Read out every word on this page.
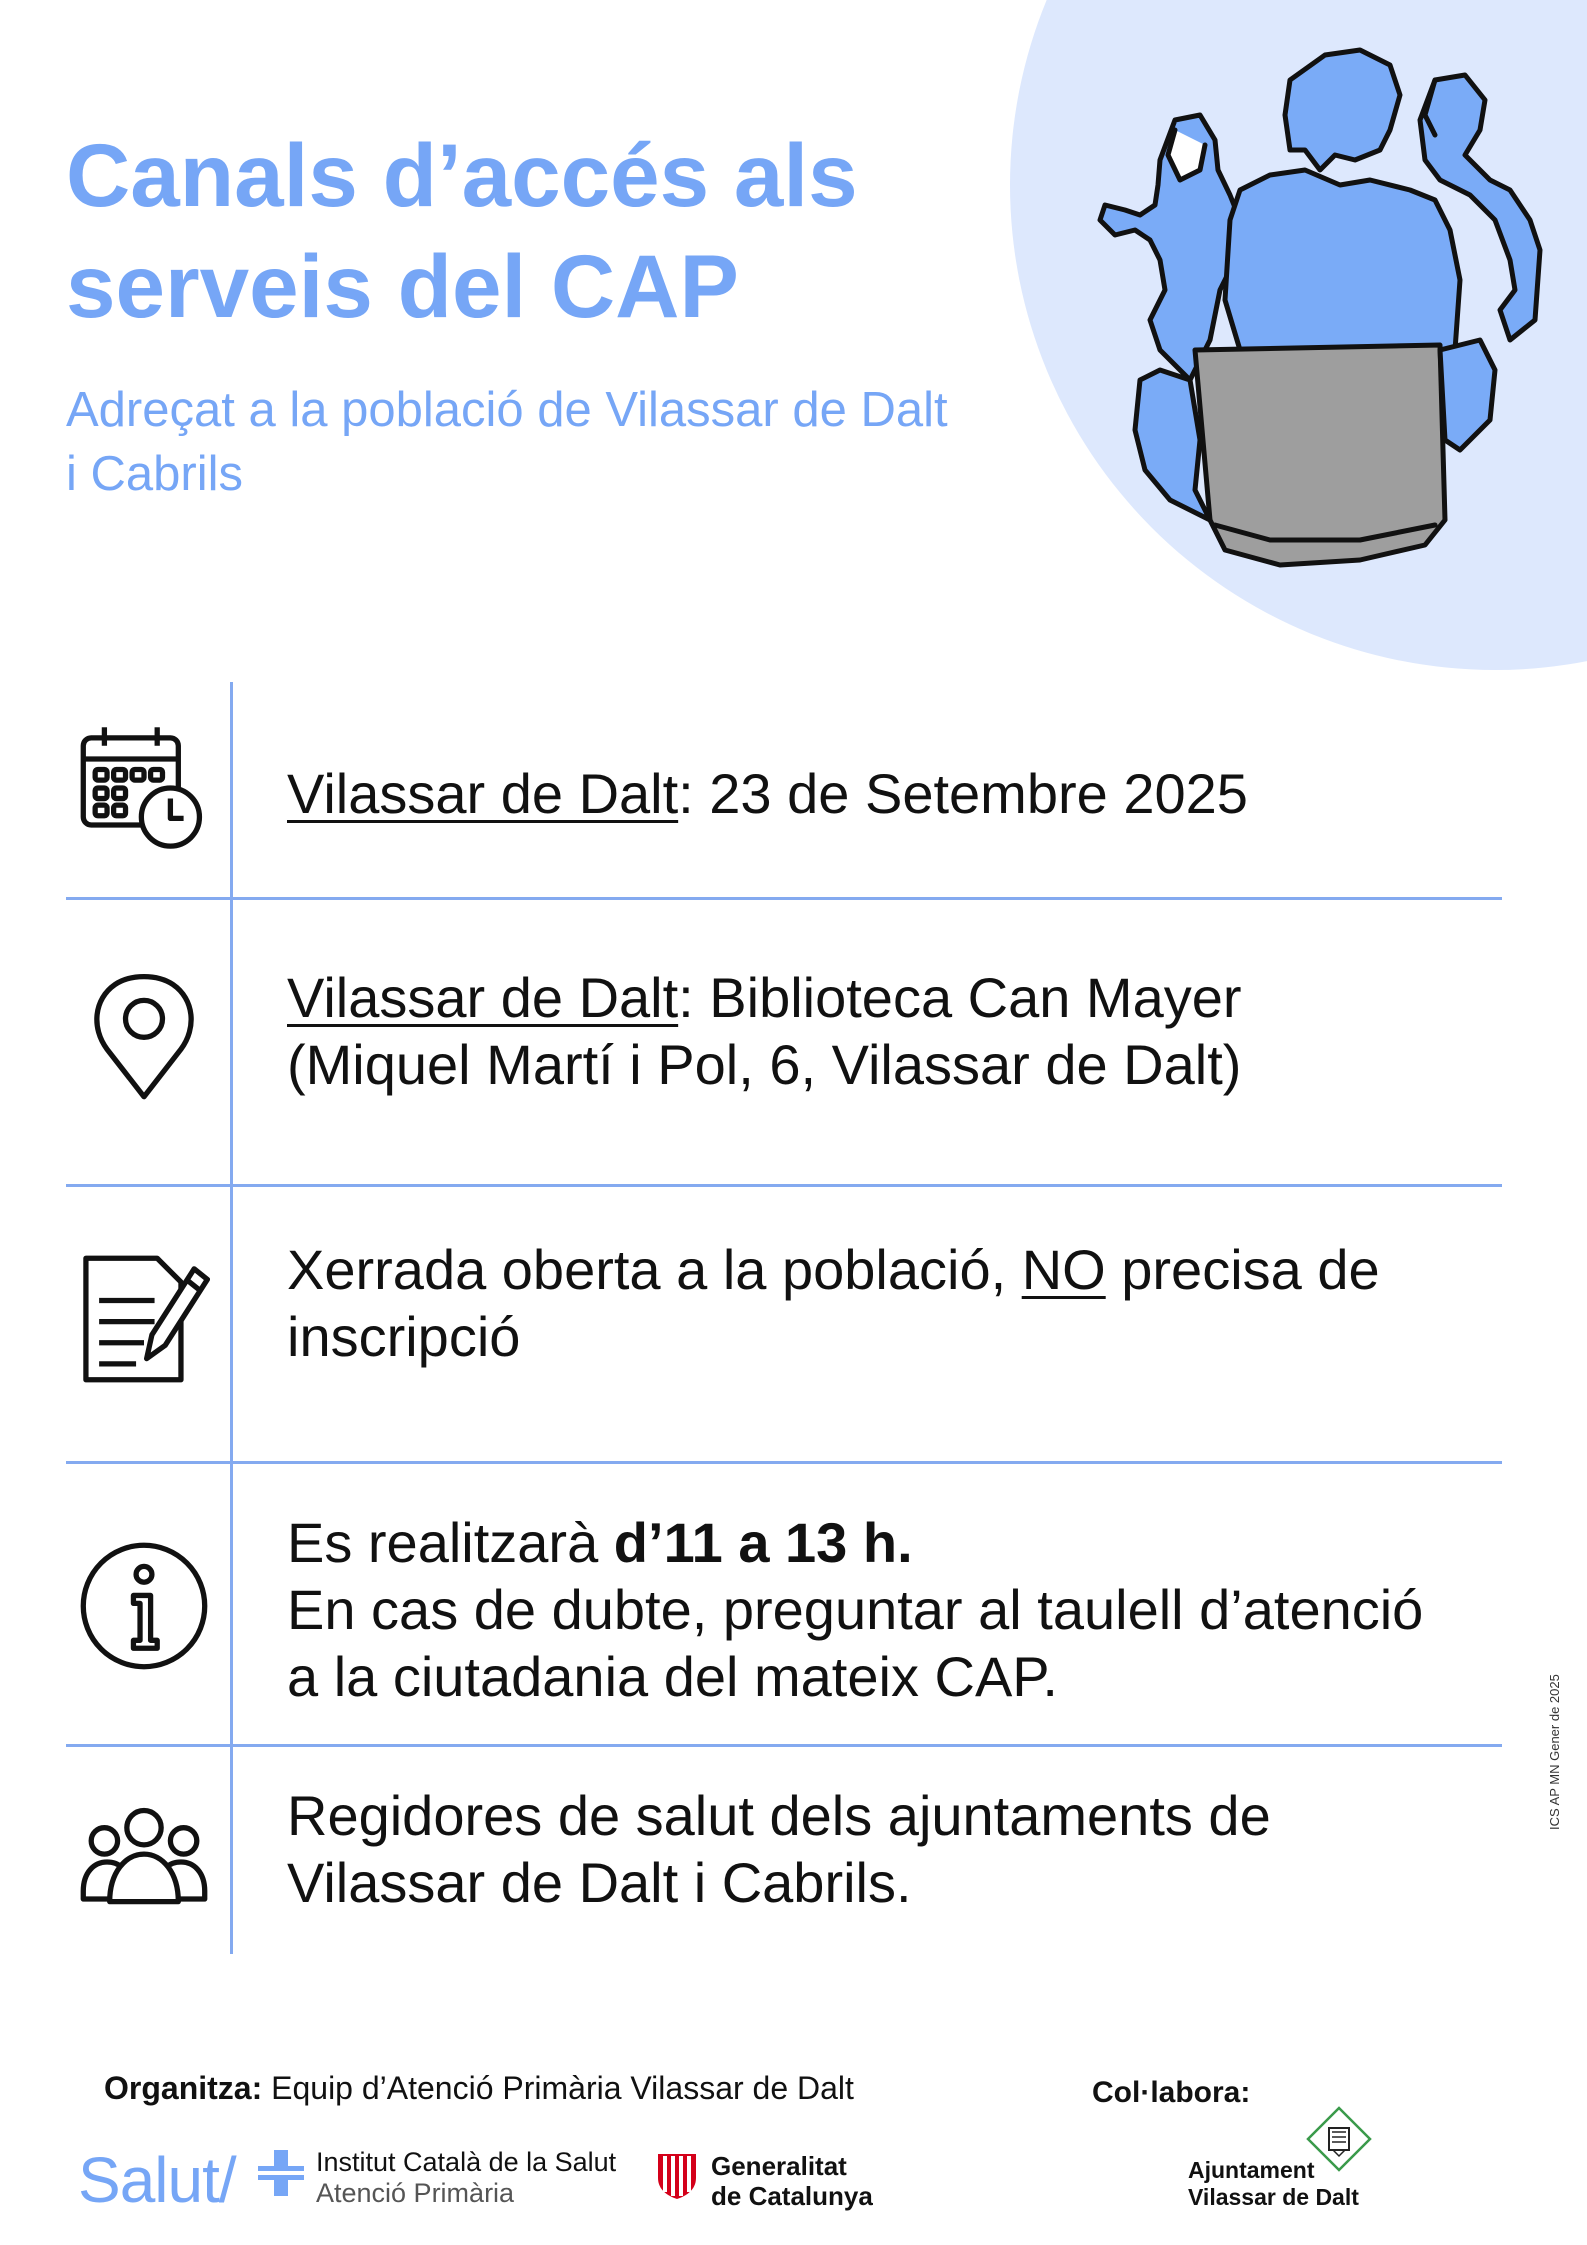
Canals d’accés als
serveis del CAP
Adreçat a la població de Vilassar de Dalt
i Cabrils

Vilassar de Dalt: 23 de Setembre 2025

Vilassar de Dalt: Biblioteca Can Mayer

(Miquel Martí i Pol, 6, Vilassar de Dalt)

Xerrada oberta a la població, NO precisa de

inscripció

Es realitzarà d’11 a 13 h.

En cas de dubte, preguntar al taulell d’atenció

a la ciutadania del mateix CAP.

Regidores de salut dels ajuntaments de

Vilassar de Dalt i Cabrils.

ICS AP MN Gener de 2025
Organitza: Equip d’Atenció Primària Vilassar de Dalt	Col·labora:
Salut/	Institut Català de la Salut
Atenció Primària
Generalitat
de Catalunya
Ajuntament
Vilassar de Dalt
